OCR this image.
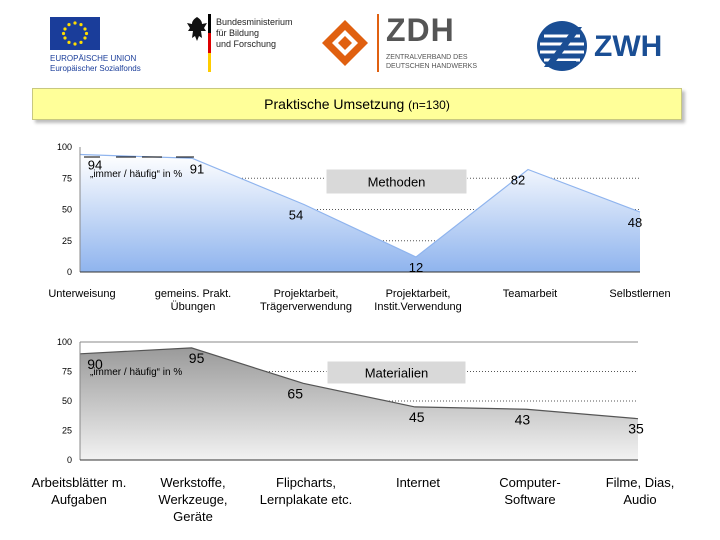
EUROPÄISCHE UNION
Europäischer Sozialfonds
Bundesministerium
für Bildung
und Forschung	ZDH
ZENTRALVERBAND DES
DEUTSCHEN HANDWERKS
ZWH
Praktische Umsetzung (n=130)
0
25
50
75
100
94	91
54
12
82
48
Unterweisung	gemeins. Prakt.
Übungen
Projektarbeit,
Trägerverwendung
Projektarbeit,
Instit.Verwendung
Teamarbeit	Selbstlernen
„immer / häufig“ in %	Methoden
0
25
50
75
100
90	95
65
45	43
35
Arbeitsblätter m.
Aufgaben
Werkstoffe,
Werkzeuge,
Geräte
Flipcharts,
Lernplakate etc.
Internet	Computer-
Software
Filme, Dias,
Audio
„immer / häufig“ in %	Materialien
